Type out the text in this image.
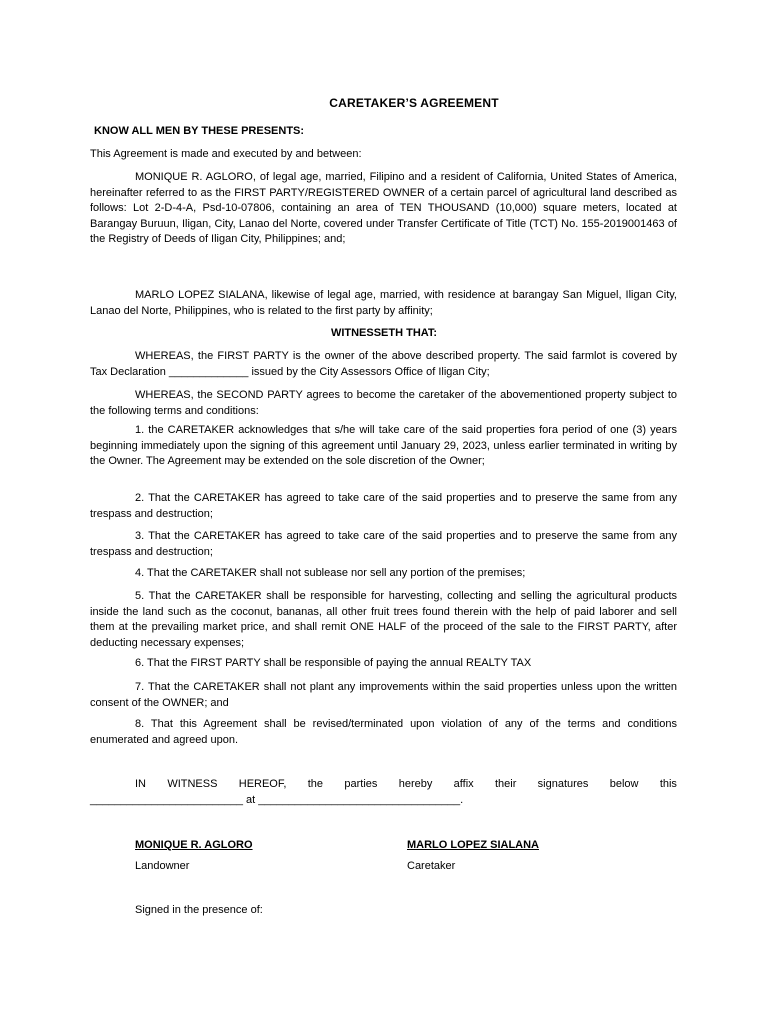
CARETAKER’S AGREEMENT
KNOW ALL MEN BY THESE PRESENTS:
This Agreement is made and executed by and between:
MONIQUE R. AGLORO, of legal age, married, Filipino and a resident of California, United States of America, hereinafter referred to as the FIRST PARTY/REGISTERED OWNER of a certain parcel of agricultural land described as follows: Lot 2-D-4-A, Psd-10-07806, containing an area of TEN THOUSAND (10,000) square meters, located at Barangay Buruun, Iligan, City, Lanao del Norte, covered under Transfer Certificate of Title (TCT) No. 155-2019001463 of the Registry of Deeds of Iligan City, Philippines; and;
MARLO LOPEZ SIALANA, likewise of legal age, married, with residence at barangay San Miguel, Iligan City, Lanao del Norte, Philippines, who is related to the first party by affinity;
WITNESSETH THAT:
WHEREAS, the FIRST PARTY is the owner of the above described property. The said farmlot is covered by Tax Declaration _____________ issued by the City Assessors Office of Iligan City;
WHEREAS, the SECOND PARTY agrees to become the caretaker of the abovementioned property subject to the following terms and conditions:
1. the CARETAKER acknowledges that s/he will take care of the said properties fora period of one (3) years beginning immediately upon the signing of this agreement until January 29, 2023, unless earlier terminated in writing by the Owner. The Agreement may be extended on the sole discretion of the Owner;
2. That the CARETAKER has agreed to take care of the said properties and to preserve the same from any trespass and destruction;
3. That the CARETAKER has agreed to take care of the said properties and to preserve the same from any trespass and destruction;
4. That the CARETAKER shall not sublease nor sell any portion of the premises;
5. That the CARETAKER shall be responsible for harvesting, collecting and selling the agricultural products inside the land such as the coconut, bananas, all other fruit trees found therein with the help of paid laborer and sell them at the prevailing market price, and shall remit ONE HALF of the proceed of the sale to the FIRST PARTY, after deducting necessary expenses;
6. That the FIRST PARTY shall be responsible of paying the annual REALTY TAX
7. That the CARETAKER shall not plant any improvements within the said properties unless upon the written consent of the OWNER; and
8. That this Agreement shall be revised/terminated upon violation of any of the terms and conditions enumerated and agreed upon.
IN WITNESS HEREOF, the parties hereby affix their signatures below this
_________________________ at _________________________________.
MONIQUE R. AGLORO
Landowner
MARLO LOPEZ SIALANA
Caretaker
Signed in the presence of:
